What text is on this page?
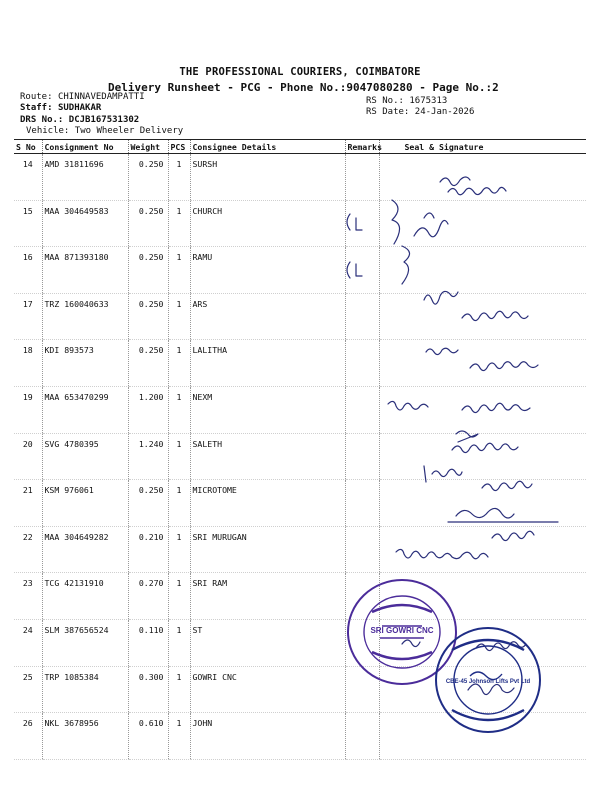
THE PROFESSIONAL COURIERS, COIMBATORE
Delivery Runsheet - PCG - Phone No.:9047080280 - Page No.:2
Route: CHINNAVEDAMPATTI
Staff: SUDHAKAR
DRS No.: DCJB167531302
Vehicle: Two Wheeler Delivery
RS No.: 1675313
RS Date: 24-Jan-2026
S No	Consignment No	Weight	PCS	Consignee Details	Remarks	Seal & Signature
14	AMD 31811696	0.250	1	SURSH		
15	MAA 304649583	0.250	1	CHURCH		
16	MAA 871393180	0.250	1	RAMU		
17	TRZ 160040633	0.250	1	ARS		
18	KDI 893573	0.250	1	LALITHA		
19	MAA 653470299	1.200	1	NEXM		
20	SVG 4780395	1.240	1	SALETH		
21	KSM 976061	0.250	1	MICROTOME		
22	MAA 304649282	0.210	1	SRI MURUGAN		
23	TCG 42131910	0.270	1	SRI RAM		
24	SLM 387656524	0.110	1	ST		
25	TRP 1085384	0.300	1	GOWRI CNC		
26	NKL 3678956	0.610	1	JOHN		
SRI GOWRI CNC
CBE-45 Johnson Lifts Pvt Ltd
